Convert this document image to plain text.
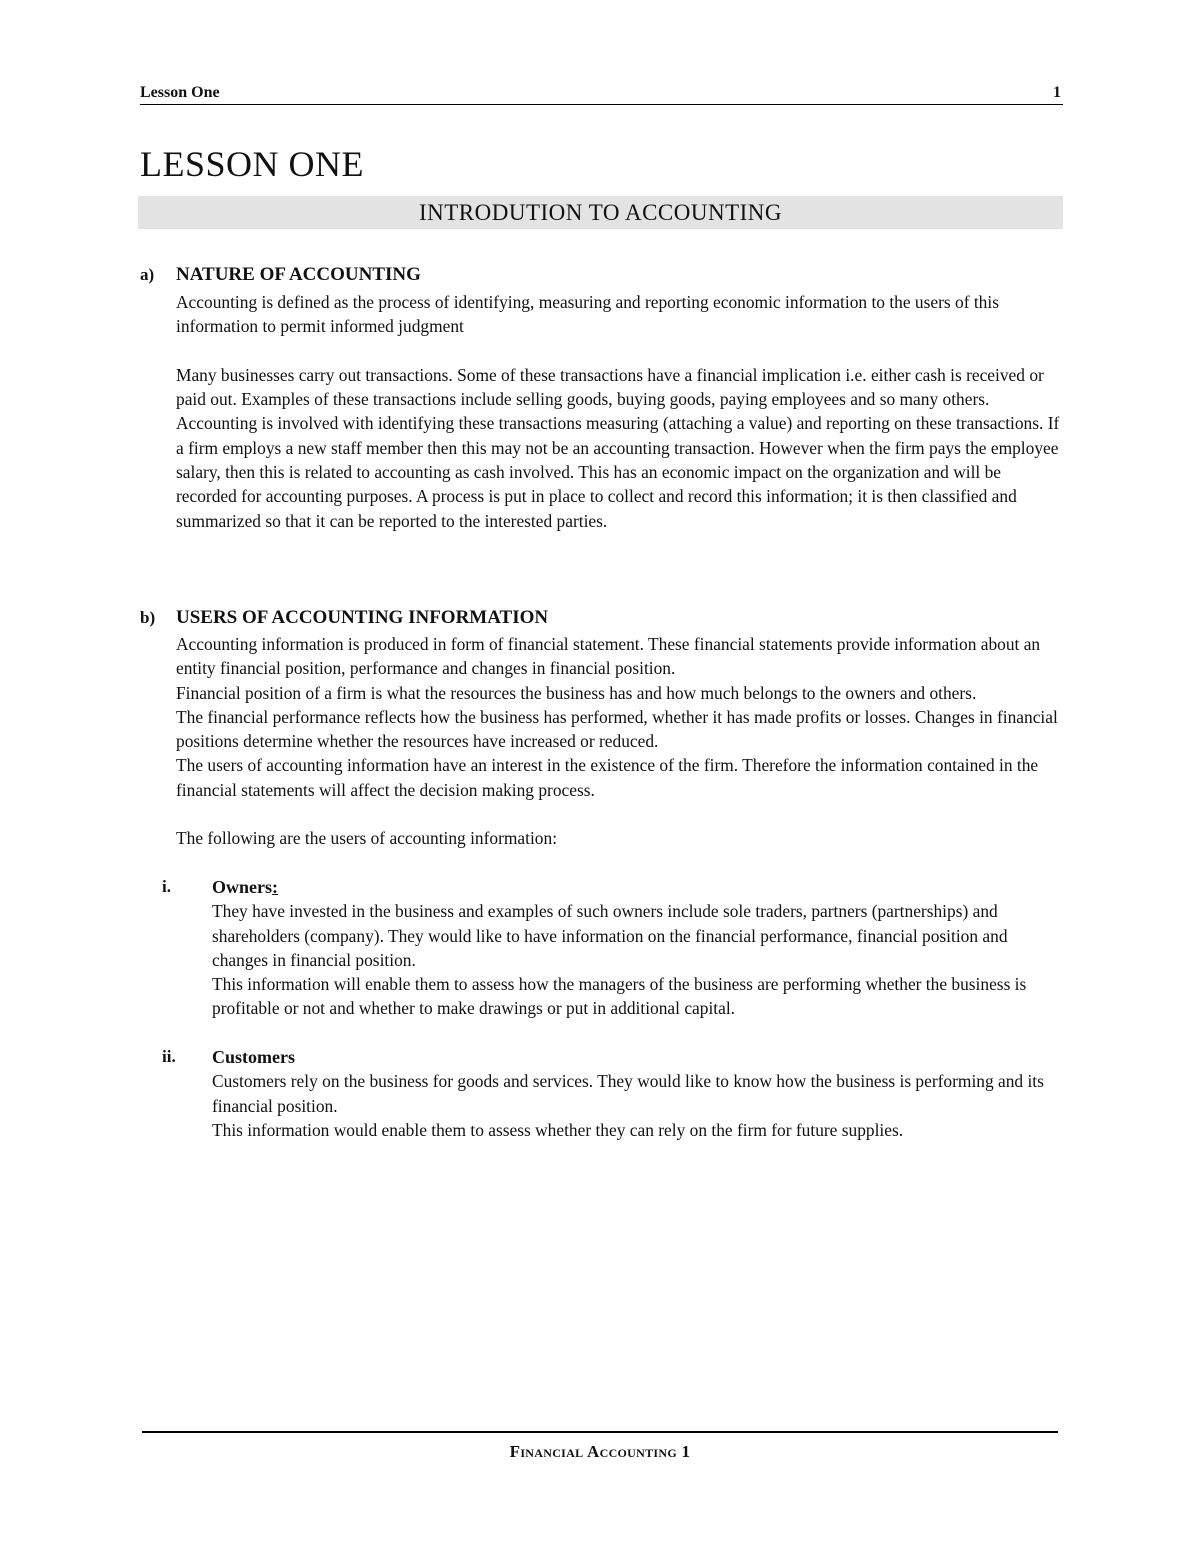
Lesson One	1
LESSON ONE
INTRODUTION TO ACCOUNTING
a) NATURE OF ACCOUNTING

Accounting is defined as the process of identifying, measuring and reporting economic information to the users of this information to permit informed judgment

Many businesses carry out transactions. Some of these transactions have a financial implication i.e. either cash is received or paid out. Examples of these transactions include selling goods, buying goods, paying employees and so many others.

Accounting is involved with identifying these transactions measuring (attaching a value) and reporting on these transactions. If a firm employs a new staff member then this may not be an accounting transaction. However when the firm pays the employee salary, then this is related to accounting as cash involved. This has an economic impact on the organization and will be recorded for accounting purposes. A process is put in place to collect and record this information; it is then classified and summarized so that it can be reported to the interested parties.

b) USERS OF ACCOUNTING INFORMATION

Accounting information is produced in form of financial statement. These financial statements provide information about an entity financial position, performance and changes in financial position.

Financial position of a firm is what the resources the business has and how much belongs to the owners and others.

The financial performance reflects how the business has performed, whether it has made profits or losses. Changes in financial positions determine whether the resources have increased or reduced.

The users of accounting information have an interest in the existence of the firm. Therefore the information contained in the financial statements will affect the decision making process.

The following are the users of accounting information:

i. Owners:

They have invested in the business and examples of such owners include sole traders, partners (partnerships) and shareholders (company). They would like to have information on the financial performance, financial position and changes in financial position.

This information will enable them to assess how the managers of the business are performing whether the business is profitable or not and whether to make drawings or put in additional capital.

ii. Customers

Customers rely on the business for goods and services. They would like to know how the business is performing and its financial position.

This information would enable them to assess whether they can rely on the firm for future supplies.

Financial Accounting 1
